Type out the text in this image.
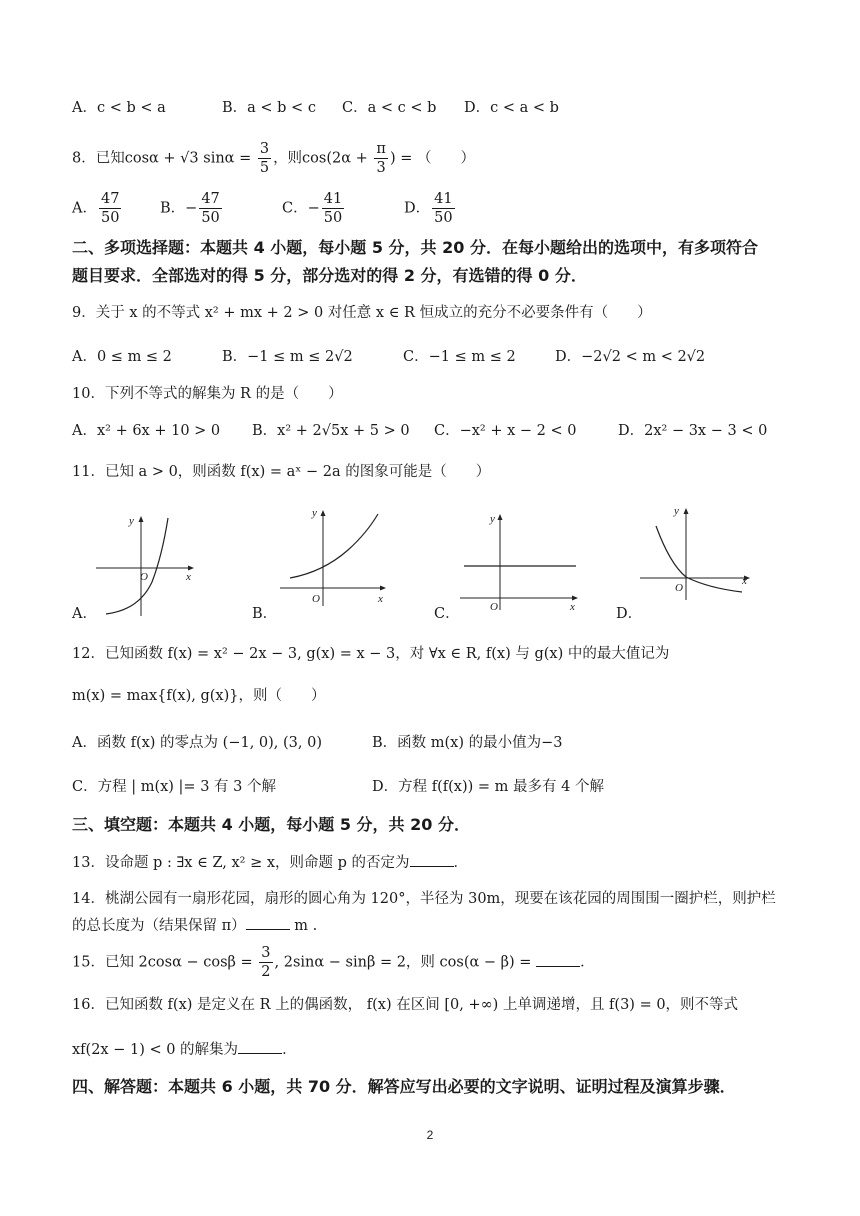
A．c < b < a	B．a < b < c C．a < c < b D．c < a < b
8．已知cosα + √3 $\sin\alpha = \frac{3}{5}$ ，则$\cos(2\alpha + \frac{\pi}{3}$ ) = （　　）
A． $\frac{47}{50}$	B．− $\frac{47}{50}$	C．− $\frac{41}{50}$	D． $\frac{41}{50}$
二、多项选择题：本题共 4 小题，每小题 5 分，共 20 分．在每小题给出的选项中，有多项符合
题目要求．全部选对的得 5 分，部分选对的得 2 分，有选错的得 0 分．
9．关于 x 的不等式 x² + mx + 2 > 0 对任意 x ∈ R 恒成立的充分不必要条件有（　　）
A．0 ≤ m ≤ 2	B．−1 ≤ m ≤ 2√2	C．−1 ≤ m ≤ 2	D．−2√2 < m < 2√2
10．下列不等式的解集为 R 的是（　　）
A．x² + 6x + 10 > 0 B．x² + 2√5x + 5 > 0 C．−x² + x − 2 < 0	D．2x² − 3x − 3 < 0
11．已知 a > 0，则函数 f(x) = aˣ − 2a 的图象可能是（　　）
A．
x
y
O
B．
x
y
O
C．	x
y
O	D．
x
y
O
12．已知函数 f(x) = x² − 2x − 3, g(x) = x − 3，对 ∀x ∈ R, f(x) 与 g(x) 中的最大值记为
m(x) = max{f(x), g(x)}，则（　　）
A．函数 f(x) 的零点为 (−1, 0), (3, 0)	B．函数 m(x) 的最小值为−3
C．方程 | m(x) |= 3 有 3 个解	D．方程 f(f(x)) = m 最多有 4 个解
三、填空题：本题共 4 小题，每小题 5 分，共 20 分．
13．设命题 p : ∃x ∈ Z, x² ≥ x，则命题 p 的否定为	．
14．桃湖公园有一扇形花园，扇形的圆心角为 120°，半径为 30m，现要在该花园的周围围一圈护栏，则护栏
的总长度为（结果保留 π）	m .
15．已知 $2\cos\alpha - \cos\beta = \frac{3}{2}$ , 2sinα − sinβ = 2，则 cos(α − β) =	．
16．已知函数 f(x) 是定义在 R 上的偶函数， f(x) 在区间 [0, +∞) 上单调递增，且 f(3) = 0，则不等式
xf(2x − 1) < 0 的解集为	．
四、解答题：本题共 6 小题，共 70 分．解答应写出必要的文字说明、证明过程及演算步骤．
2
